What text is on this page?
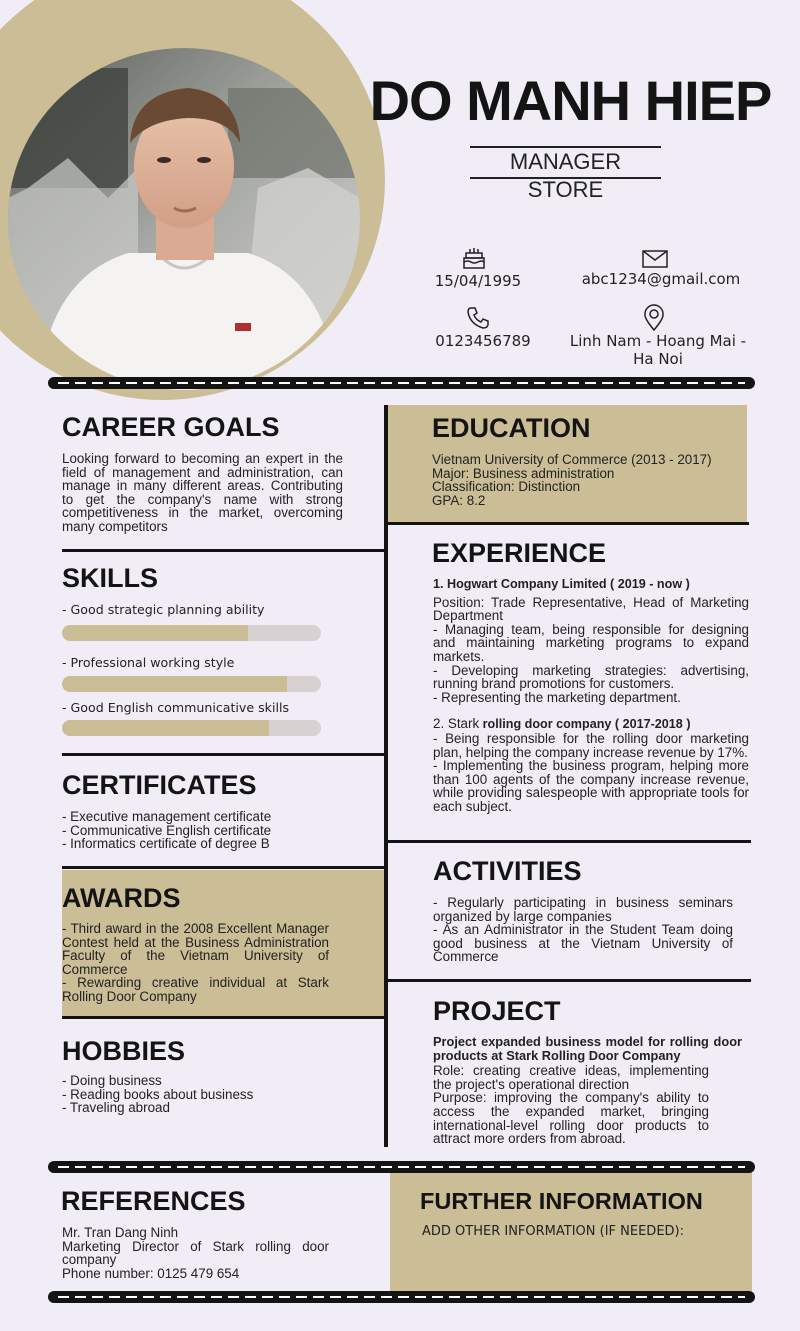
DO MANH HIEP
MANAGER STORE
15/04/1995	abc1234@gmail.com
0123456789	Linh Nam - Hoang Mai - Ha Noi
CAREER GOALS
Looking forward to becoming an expert in the field of management and administration, can manage in many different areas. Contributing to get the company's name with strong competitiveness in the market, overcoming many competitors
SKILLS
- Good strategic planning ability
- Professional working style
- Good English communicative skills
CERTIFICATES
- Executive management certificate
- Communicative English certificate
- Informatics certificate of degree B
AWARDS
- Third award in the 2008 Excellent Manager Contest held at the Business Administration Faculty of the Vietnam University of Commerce
- Rewarding creative individual at Stark Rolling Door Company
HOBBIES
- Doing business
- Reading books about business
- Traveling abroad
EDUCATION
Vietnam University of Commerce (2013 - 2017)
Major: Business administration
Classification: Distinction
GPA: 8.2
EXPERIENCE
1. Hogwart Company Limited ( 2019 - now )
Position: Trade Representative, Head of Marketing Department
- Managing team, being responsible for designing and maintaining marketing programs to expand markets.
- Developing marketing strategies: advertising, running brand promotions for customers.
- Representing the marketing department.
2. Stark rolling door company ( 2017-2018 )
- Being responsible for the rolling door marketing plan, helping the company increase revenue by 17%.
- Implementing the business program, helping more than 100 agents of the company increase revenue, while providing salespeople with appropriate tools for each subject.
ACTIVITIES
- Regularly participating in business seminars organized by large companies
- As an Administrator in the Student Team doing good business at the Vietnam University of Commerce
PROJECT
Project expanded business model for rolling door products at Stark Rolling Door Company
Role: creating creative ideas, implementing the project's operational direction
Purpose: improving the company's ability to access the expanded market, bringing international-level rolling door products to attract more orders from abroad.
REFERENCES
Mr. Tran Dang Ninh
Marketing Director of Stark rolling door company
Phone number: 0125 479 654
FURTHER INFORMATION
ADD OTHER INFORMATION (IF NEEDED):
